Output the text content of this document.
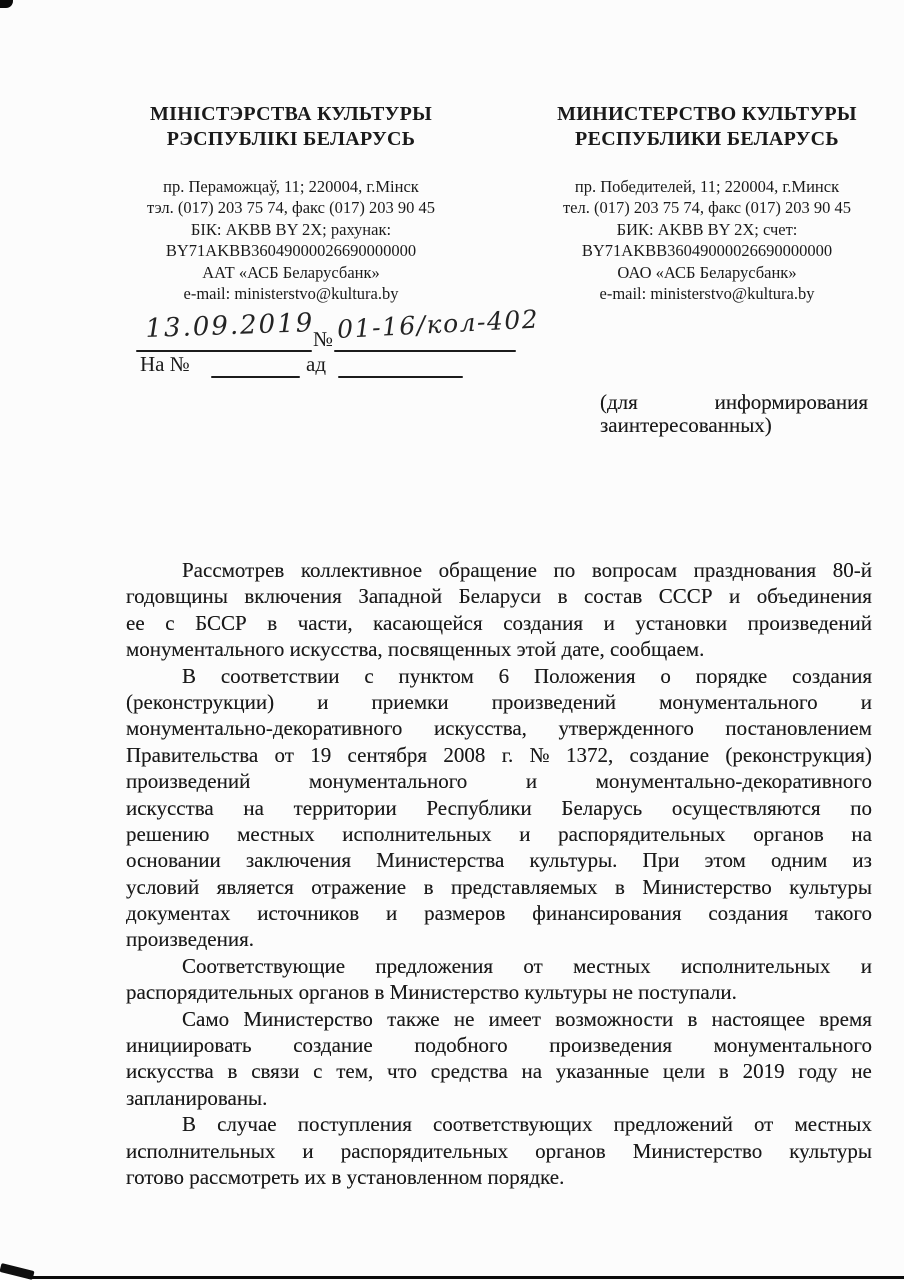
МІНІСТЭРСТВА КУЛЬТУРЫ
РЭСПУБЛІКІ БЕЛАРУСЬ
пр. Пераможцаў, 11; 220004, г.Мінск
тэл. (017) 203 75 74, факс (017) 203 90 45
БІК: AKBB BY 2X; рахунак:
BY71AKBB36049000026690000000
ААТ «АСБ Беларусбанк»
e-mail: ministerstvo@kultura.by
МИНИСТЕРСТВО КУЛЬТУРЫ
РЕСПУБЛИКИ БЕЛАРУСЬ
пр. Победителей, 11; 220004, г.Минск
тел. (017) 203 75 74, факс (017) 203 90 45
БИК: AKBB BY 2X; счет:
BY71AKBB36049000026690000000
ОАО «АСБ Беларусбанк»
e-mail: ministerstvo@kultura.by
13.09.2019
№ 01-16/кол-402
На №	ад
(для	информирования
заинтересованных)
Рассмотрев коллективное обращение по вопросам празднования 80-й
годовщины включения Западной Беларуси в состав СССР и объединения
ее с БССР в части, касающейся создания и установки произведений
монументального искусства, посвященных этой дате, сообщаем.
В соответствии с пунктом 6 Положения о порядке создания
(реконструкции) и приемки произведений монументального и
монументально-декоративного искусства, утвержденного постановлением
Правительства от 19 сентября 2008 г. № 1372, создание (реконструкция)
произведений	монументального	и	монументально-декоративного
искусства на территории Республики Беларусь осуществляются по
решению местных исполнительных и распорядительных органов на
основании заключения Министерства культуры. При этом одним из
условий является отражение в представляемых в Министерство культуры
документах источников и размеров финансирования создания такого
произведения.
Соответствующие предложения от местных исполнительных и
распорядительных органов в Министерство культуры не поступали.
Само Министерство также не имеет возможности в настоящее время
инициировать создание подобного произведения монументального
искусства в связи с тем, что средства на указанные цели в 2019 году не
запланированы.
В случае поступления соответствующих предложений от местных
исполнительных и распорядительных органов Министерство культуры
готово рассмотреть их в установленном порядке.
